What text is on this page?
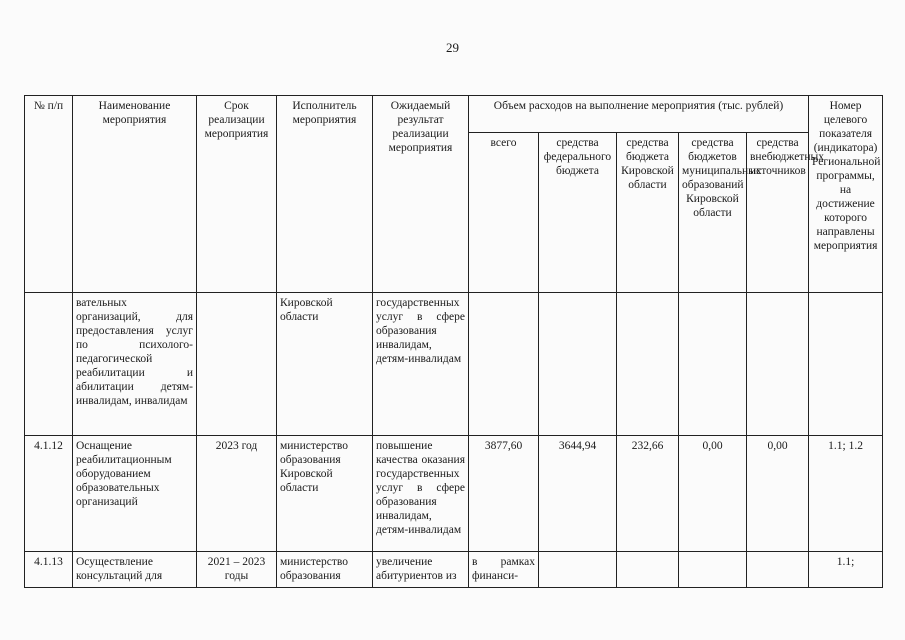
29
№ п/п	Наименование мероприятия	Срок реализации мероприятия	Исполнитель мероприятия	Ожидаемый результат реализации мероприятия	Объем расходов на выполнение мероприятия (тыс. рублей)					Номер целевого показателя (индикатора) Региональной программы, на достижение которого направлены мероприятия
					всего	средства федерального бюджета	средства бюджета Кировской области	средства бюджетов муниципальных образований Кировской области	средства внебюджетных источников	
	вательных организаций, для предоставления услуг по психолого-педагогической реабилитации и абилитации детям-инвалидам, инвалидам		Кировской области	государственных услуг в сфере образования инвалидам, детям-инвалидам						
4.1.12	Оснащение реабилитационным оборудованием образовательных организаций	2023 год	министерство образования Кировской области	повышение качества оказания государственных услуг в сфере образования инвалидам, детям-инвалидам	3877,60	3644,94	232,66	0,00	0,00	1.1; 1.2
4.1.13	Осуществление консультаций для	2021 – 2023 годы	министерство образования	увеличение абитуриентов из	в рамках финанси-					1.1;
